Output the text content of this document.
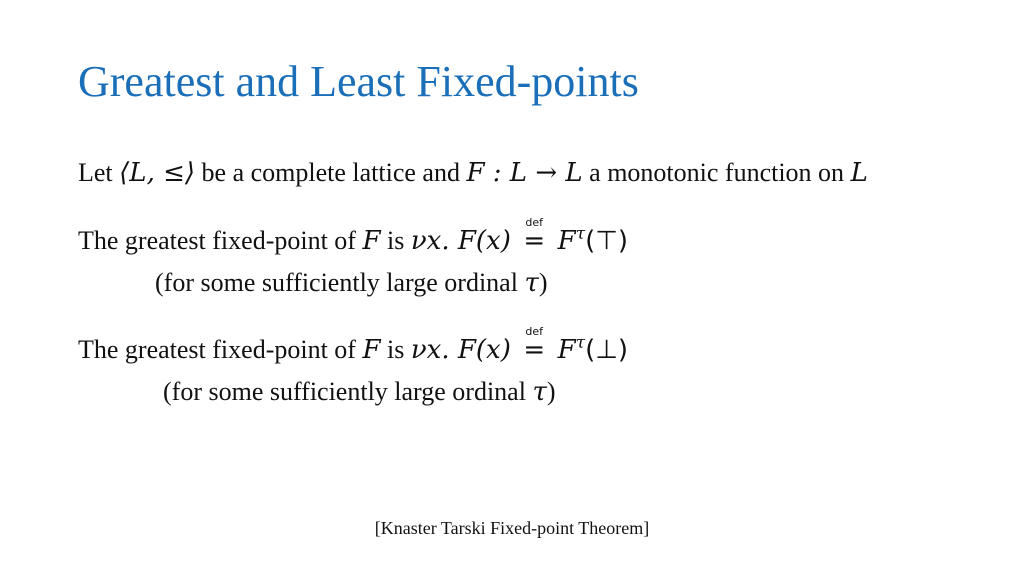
Greatest and Least Fixed-points
Let ⟨L, ≤⟩ be a complete lattice and F : L → L a monotonic function on L
The greatest fixed-point of F is νx. F(x)
def
= $F^\tau(⊤)$
(for some sufficiently large ordinal τ)
The greatest fixed-point of F is νx. F(x)
def
= $F^\tau(\perp)$
(for some sufficiently large ordinal τ)
[Knaster Tarski Fixed-point Theorem]
